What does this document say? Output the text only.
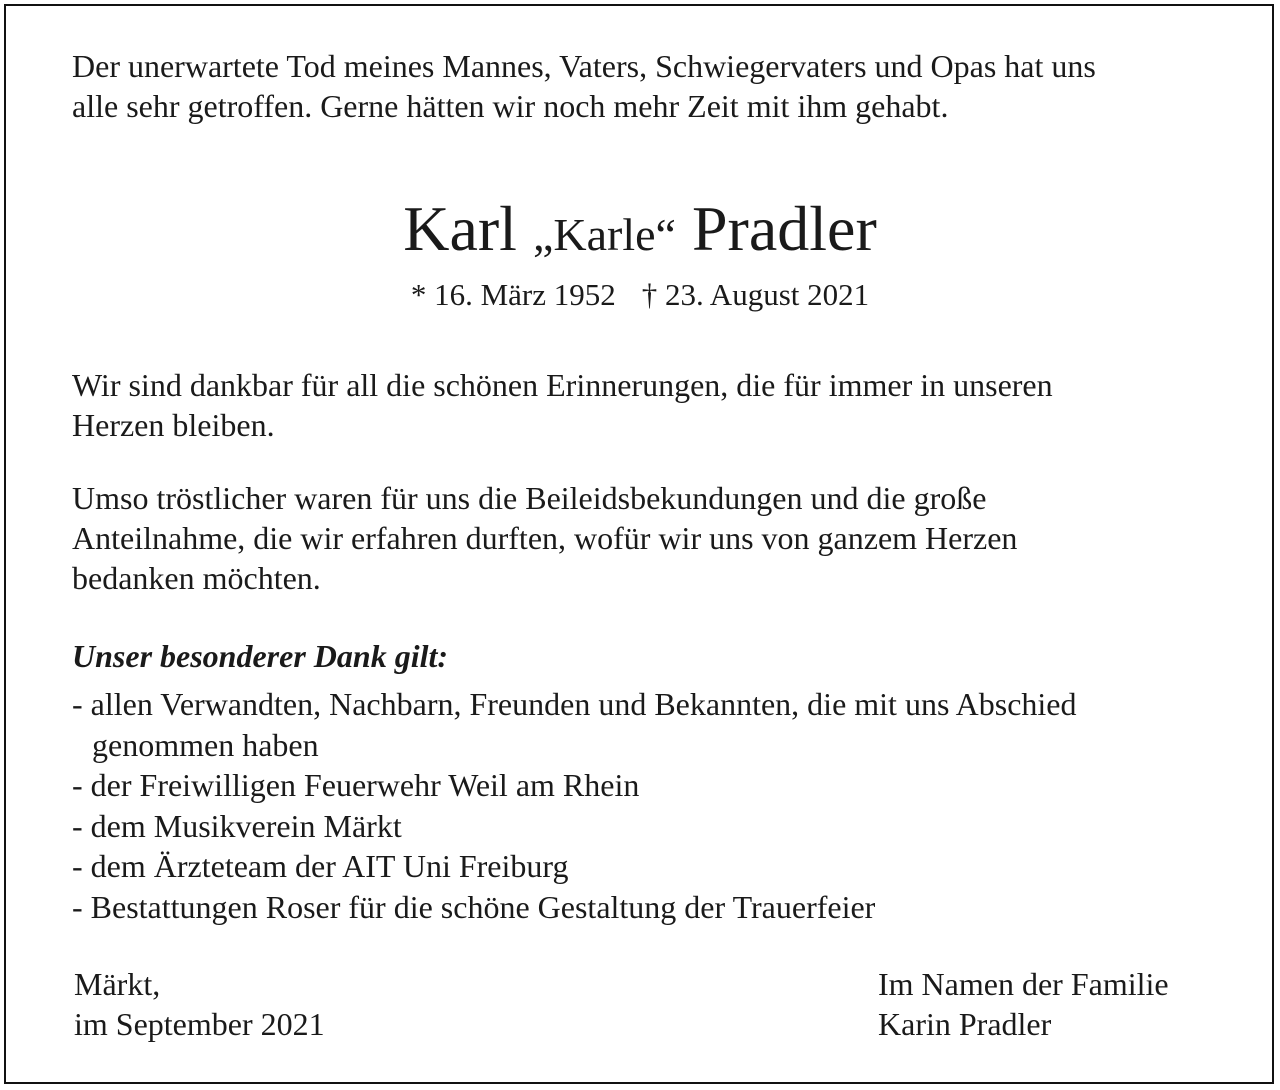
Der unerwartete Tod meines Mannes, Vaters, Schwiegervaters und Opas hat uns
alle sehr getroffen. Gerne hätten wir noch mehr Zeit mit ihm gehabt.

Karl „Karle“ Pradler
* 16. März 1952 † 23. August 2021

Wir sind dankbar für all die schönen Erinnerungen, die für immer in unseren
Herzen bleiben.

Umso tröstlicher waren für uns die Beileidsbekundungen und die große
Anteilnahme, die wir erfahren durften, wofür wir uns von ganzem Herzen
bedanken möchten.

Unser besonderer Dank gilt:
- allen Verwandten, Nachbarn, Freunden und Bekannten, die mit uns Abschied
genommen haben
- der Freiwilligen Feuerwehr Weil am Rhein
- dem Musikverein Märkt
- dem Ärzteteam der AIT Uni Freiburg
- Bestattungen Roser für die schöne Gestaltung der Trauerfeier
Märkt,
im September 2021
Im Namen der Familie
Karin Pradler
